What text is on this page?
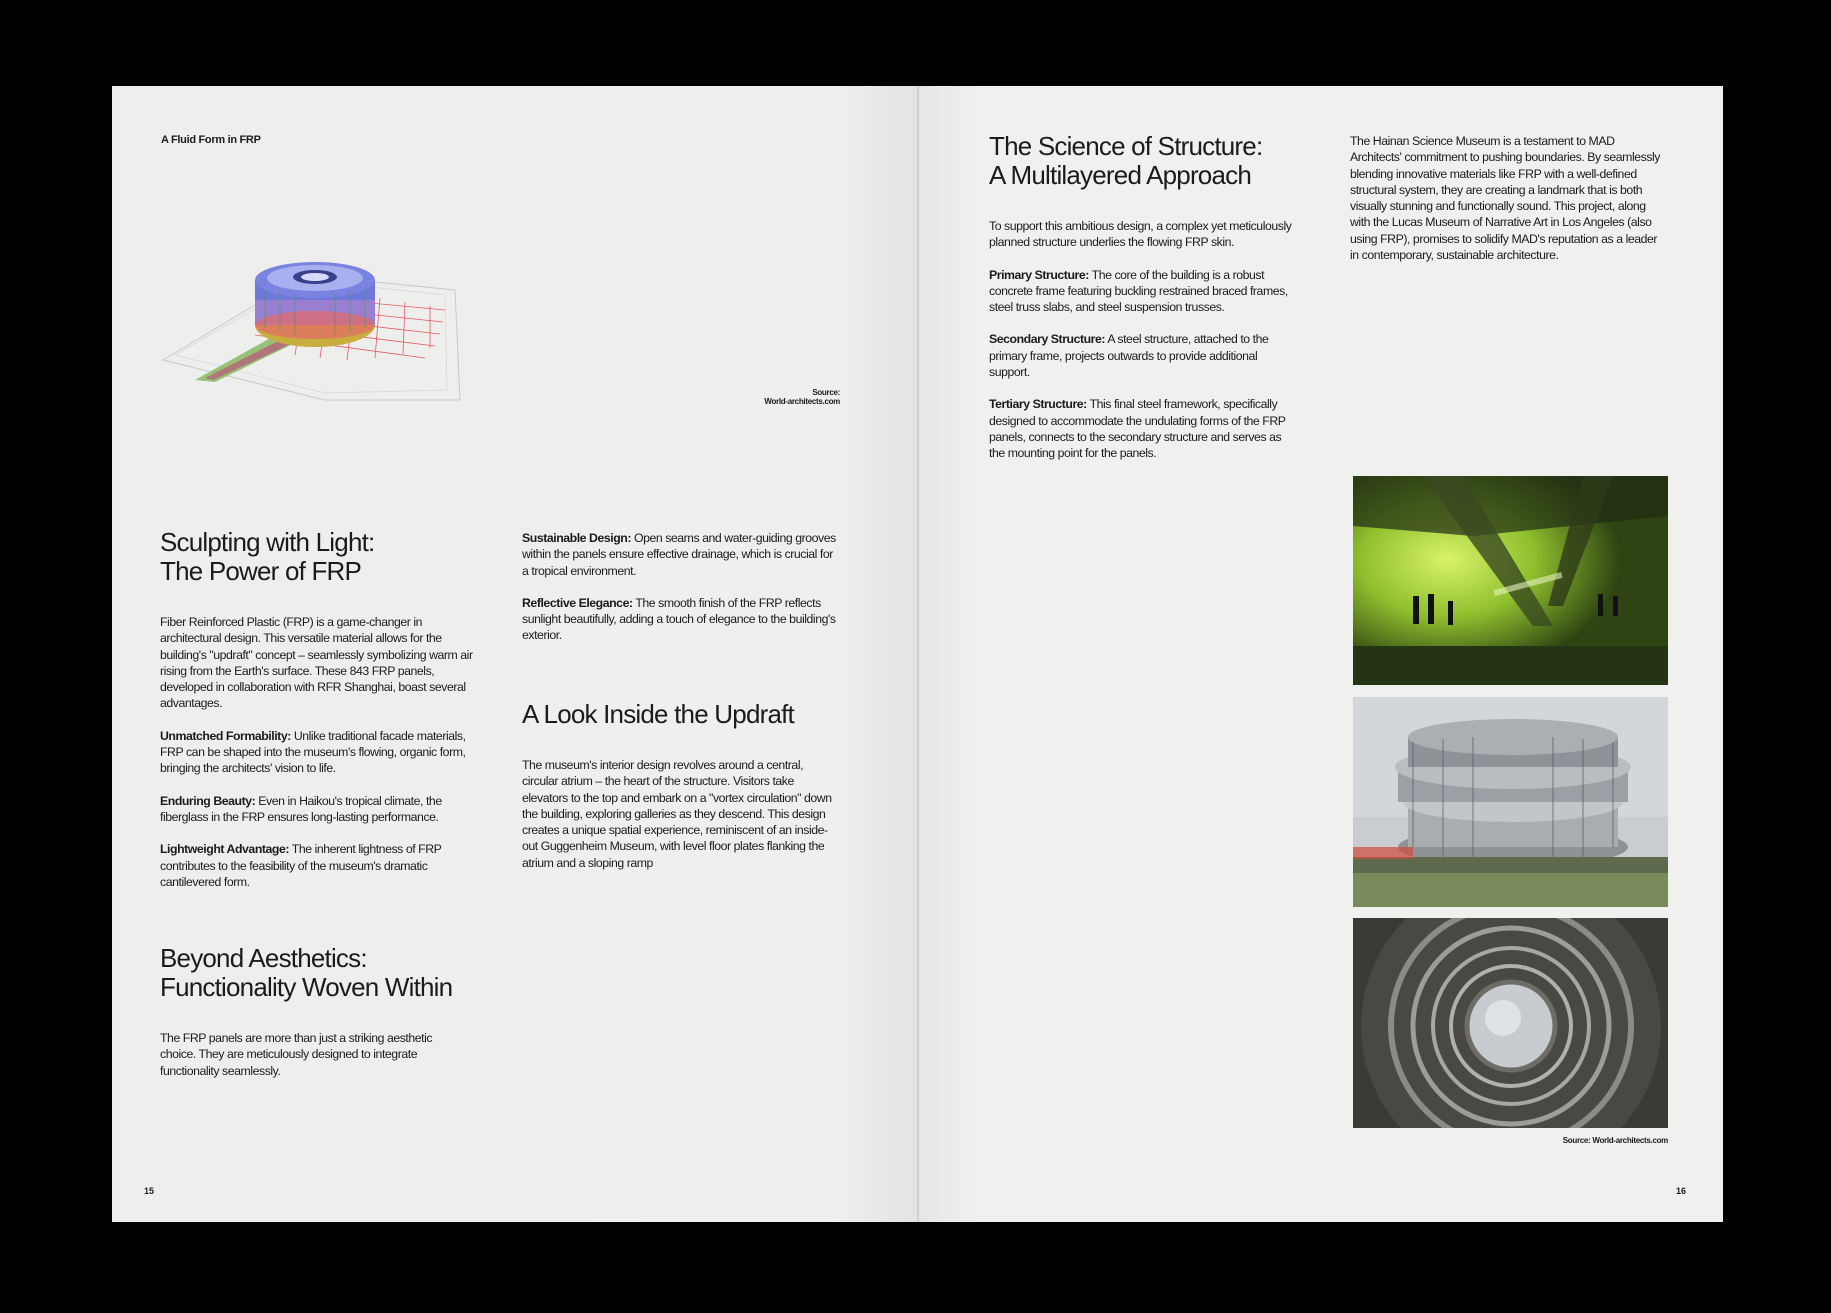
A Fluid Form in FRP
Source:
World-architects.com
Sculpting with Light:
The Power of FRP

Fiber Reinforced Plastic (FRP) is a game-changer in architectural design. This versatile material allows for the building's "updraft" concept – seamlessly symbolizing warm air rising from the Earth's surface. These 843 FRP panels, developed in collaboration with RFR Shanghai, boast several advantages.

Unmatched Formability: Unlike traditional facade materials, FRP can be shaped into the museum's flowing, organic form, bringing the architects' vision to life.

Enduring Beauty: Even in Haikou's tropical climate, the fiberglass in the FRP ensures long-lasting performance.

Lightweight Advantage: The inherent lightness of FRP contributes to the feasibility of the museum's dramatic cantilevered form.

Sustainable Design: Open seams and water-guiding grooves within the panels ensure effective drainage, which is crucial for a tropical environment.

Reflective Elegance: The smooth finish of the FRP reflects sunlight beautifully, adding a touch of elegance to the building's exterior.

A Look Inside the Updraft
The museum's interior design revolves around a central, circular atrium – the heart of the structure. Visitors take elevators to the top and embark on a "vortex circulation" down the building, exploring galleries as they descend. This design creates a unique spatial experience, reminiscent of an inside-out Guggenheim Museum, with level floor plates flanking the atrium and a sloping ramp
Beyond Aesthetics:
Functionality Woven Within
The FRP panels are more than just a striking aesthetic choice. They are meticulously designed to integrate functionality seamlessly.
15
The Science of Structure:
A Multilayered Approach

To support this ambitious design, a complex yet meticulously planned structure underlies the flowing FRP skin.

Primary Structure: The core of the building is a robust concrete frame featuring buckling restrained braced frames, steel truss slabs, and steel suspension trusses.

Secondary Structure: A steel structure, attached to the primary frame, projects outwards to provide additional support.

Tertiary Structure: This final steel framework, specifically designed to accommodate the undulating forms of the FRP panels, connects to the secondary structure and serves as the mounting point for the panels.

The Hainan Science Museum is a testament to MAD Architects' commitment to pushing boundaries. By seamlessly blending innovative materials like FRP with a well-defined structural system, they are creating a landmark that is both visually stunning and functionally sound. This project, along with the Lucas Museum of Narrative Art in Los Angeles (also using FRP), promises to solidify MAD's reputation as a leader in contemporary, sustainable architecture.
Source: World-architects.com
16
